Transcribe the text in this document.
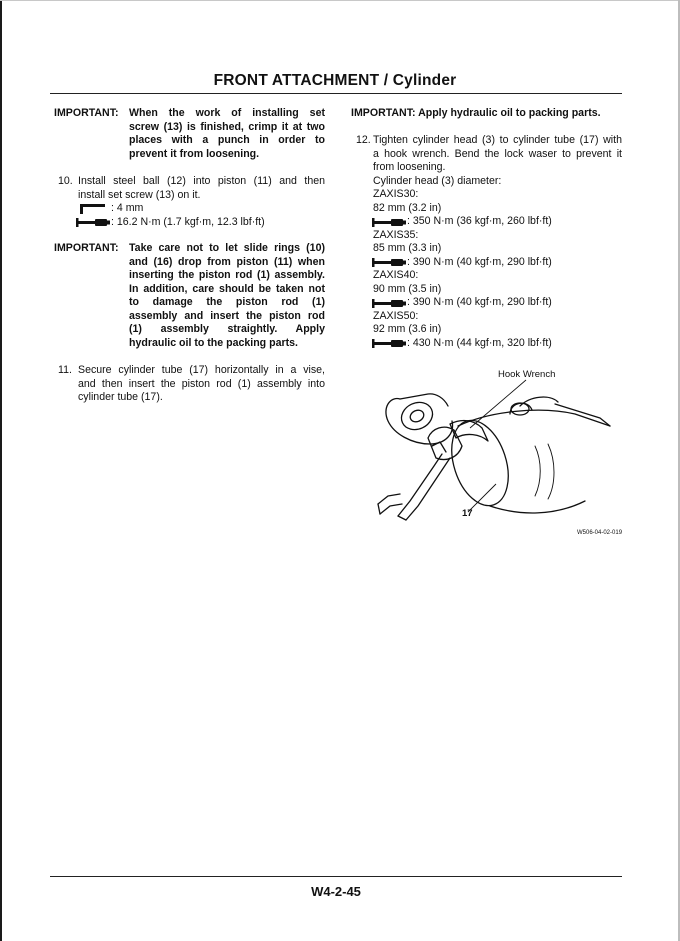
FRONT ATTACHMENT / Cylinder
IMPORTANT: When the work of installing set
screw (13) is finished, crimp it at two
places with a punch in order to
prevent it from loosening.
10. Install steel ball (12) into piston (11) and then
install set screw (13) on it.
: 4 mm
: 16.2 N·m (1.7 kgf·m, 12.3 lbf·ft)
IMPORTANT: Take care not to let slide rings (10)
and (16) drop from piston (11) when
inserting the piston rod (1) assembly.
In addition, care should be taken not
to damage the piston rod (1)
assembly and insert the piston rod
(1) assembly straightly. Apply
hydraulic oil to the packing parts.
11. Secure cylinder tube (17) horizontally in a vise,
and then insert the piston rod (1) assembly into
cylinder tube (17).
IMPORTANT: Apply hydraulic oil to packing parts.
12. Tighten cylinder head (3) to cylinder tube (17) with
a hook wrench. Bend the lock waser to prevent it
from loosening.
Cylinder head (3) diameter:
ZAXIS30:
82 mm (3.2 in)
: 350 N·m (36 kgf·m, 260 lbf·ft)
ZAXIS35:
85 mm (3.3 in)
: 390 N·m (40 kgf·m, 290 lbf·ft)
ZAXIS40:
90 mm (3.5 in)
: 390 N·m (40 kgf·m, 290 lbf·ft)
ZAXIS50:
92 mm (3.6 in)
: 430 N·m (44 kgf·m, 320 lbf·ft)
Hook Wrench
17
W506-04-02-019
W4-2-45
